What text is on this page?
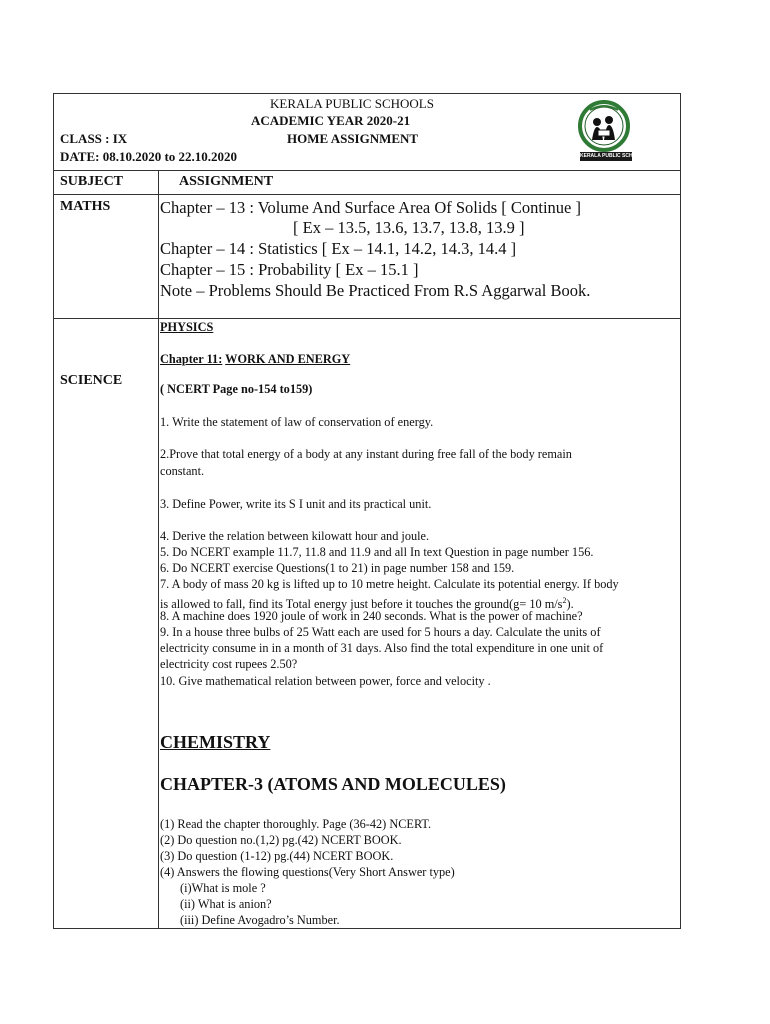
KERALA PUBLIC SCHOOLS
ACADEMIC YEAR 2020-21
CLASS : IX	HOME ASSIGNMENT
DATE: 08.10.2020 to 22.10.2020	KERALA PUBLIC SCHOOLS
SUBJECT	ASSIGNMENT
MATHS	Chapter – 13 : Volume And Surface Area Of Solids [ Continue ]
[ Ex – 13.5, 13.6, 13.7, 13.8, 13.9 ]
Chapter – 14 : Statistics [ Ex – 14.1, 14.2, 14.3, 14.4 ]
Chapter – 15 : Probability [ Ex – 15.1 ]
Note – Problems Should Be Practiced From R.S Aggarwal Book.
SCIENCE
PHYSICS
Chapter 11: WORK AND ENERGY
( NCERT Page no-154 to159)
1. Write the statement of law of conservation of energy.
2.Prove that total energy of a body at any instant during free fall of the body remain
constant.
3. Define Power, write its S I unit and its practical unit.
4. Derive the relation between kilowatt hour and joule.
5. Do NCERT example 11.7, 11.8 and 11.9 and all In text Question in page number 156.
6. Do NCERT exercise Questions(1 to 21) in page number 158 and 159.
7. A body of mass 20 kg is lifted up to 10 metre height. Calculate its potential energy. If body
is allowed to fall, find its Total energy just before it touches the ground(g= 10 $m/s^2$).
8. A machine does 1920 joule of work in 240 seconds. What is the power of machine?
9. In a house three bulbs of 25 Watt each are used for 5 hours a day. Calculate the units of
electricity consume in in a month of 31 days. Also find the total expenditure in one unit of
electricity cost rupees 2.50?
10. Give mathematical relation between power, force and velocity .
CHEMISTRY
CHAPTER-3 (ATOMS AND MOLECULES)
(1) Read the chapter thoroughly. Page (36-42) NCERT.
(2) Do question no.(1,2) pg.(42) NCERT BOOK.
(3) Do question (1-12) pg.(44) NCERT BOOK.
(4) Answers the flowing questions(Very Short Answer type)
(i)What is mole ?
(ii) What is anion?
(iii) Define Avogadro’s Number.
